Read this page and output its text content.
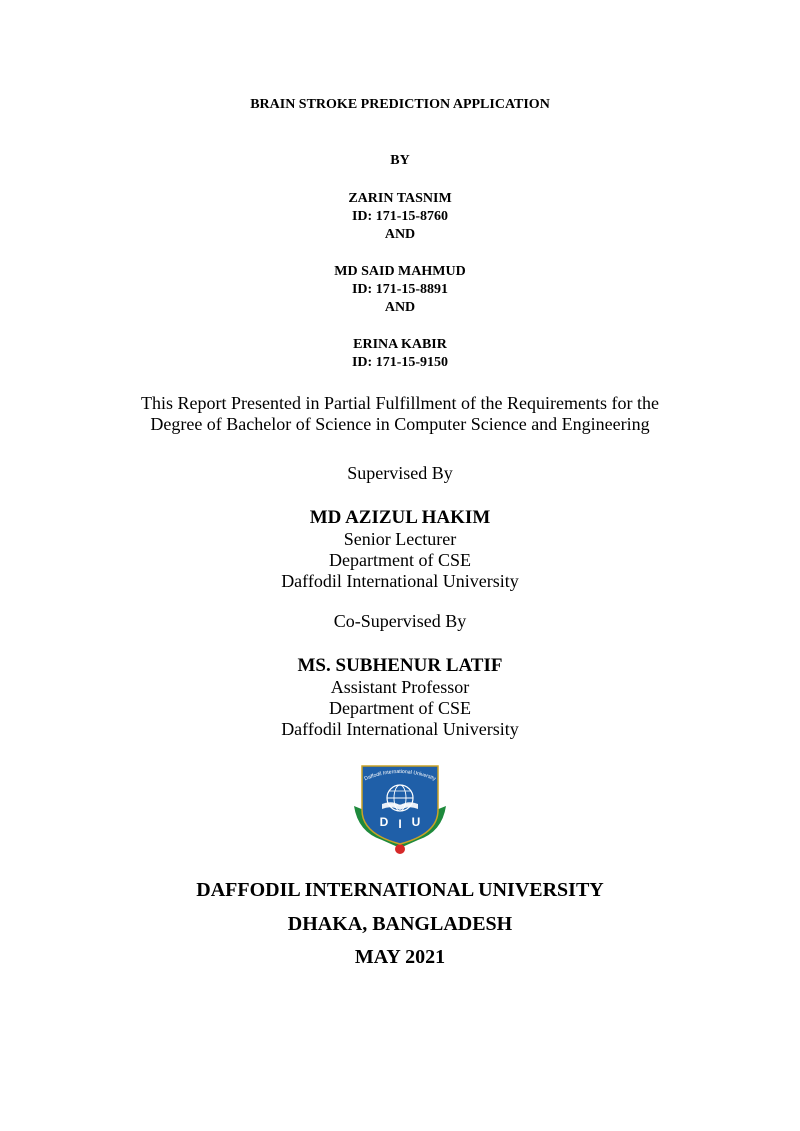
BRAIN STROKE PREDICTION APPLICATION
BY
ZARIN TASNIM
ID: 171-15-8760
AND
MD SAID MAHMUD
ID: 171-15-8891
AND
ERINA KABIR
ID: 171-15-9150
This Report Presented in Partial Fulfillment of the Requirements for the
Degree of Bachelor of Science in Computer Science and Engineering
Supervised By
MD AZIZUL HAKIM
Senior Lecturer
Department of CSE
Daffodil International University
Co-Supervised By
MS. SUBHENUR LATIF
Assistant Professor
Department of CSE
Daffodil International University
Daffodil International University
D I U
DAFFODIL INTERNATIONAL UNIVERSITY
DHAKA, BANGLADESH
MAY 2021
